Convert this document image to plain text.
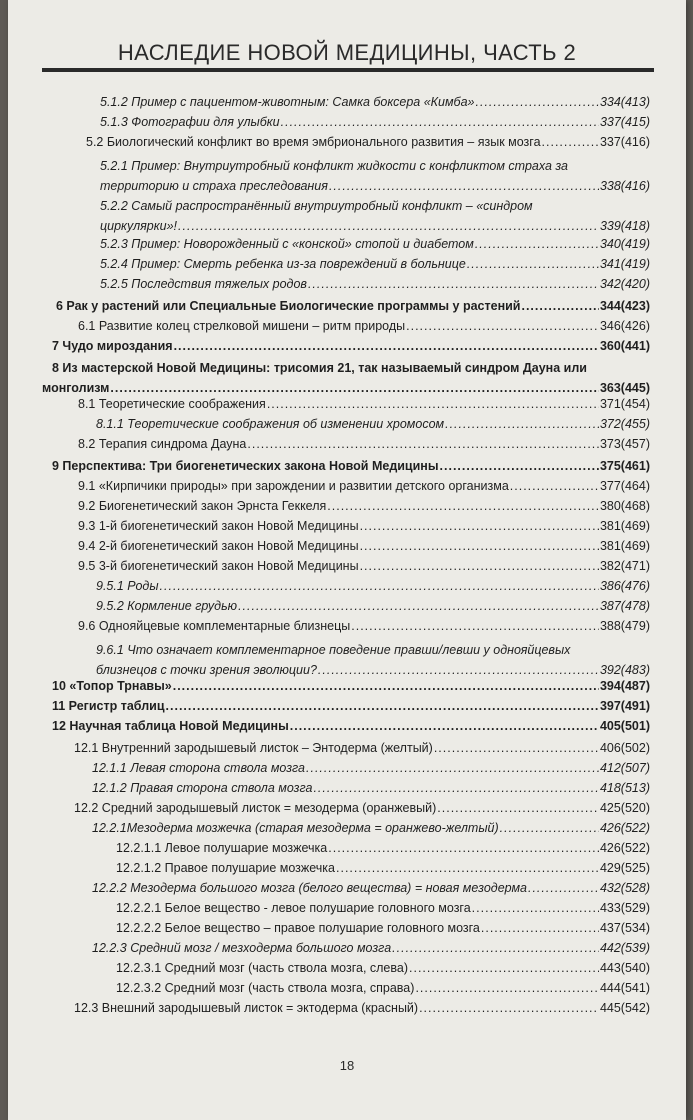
НАСЛЕДИЕ НОВОЙ МЕДИЦИНЫ, ЧАСТЬ 2
5.1.2 Пример с пациентом-животным: Самка боксера «Кимба» .....	334(413)
5.1.3 Фотографии для улыбки .....	337(415)
5.2 Биологический конфликт во время эмбрионального развития – язык мозга .....	337(416)
5.2.1 Пример: Внутриутробный конфликт жидкости с конфликтом страха за
территорию и страха преследования .....	338(416)
5.2.2 Самый распространённый внутриутробный конфликт – «синдром
циркулярки»! .....	339(418)
5.2.3 Пример: Новорожденный с «конской» стопой и диабетом .....	340(419)
5.2.4 Пример: Смерть ребенка из-за повреждений в больнице .....	341(419)
5.2.5 Последствия тяжелых родов .....	342(420)
6 Рак у растений или Специальные Биологические программы у растений .....	344(423)
6.1 Развитие колец стрелковой мишени – ритм природы .....	346(426)
7 Чудо мироздания .....	360(441)
8 Из мастерской Новой Медицины: трисомия 21, так называемый синдром Дауна или
монголизм .....	363(445)
8.1 Теоретические соображения .....	371(454)
8.1.1 Теоретические соображения об изменении хромосом .....	372(455)
8.2 Терапия синдрома Дауна .....	373(457)
9 Перспектива: Три биогенетических закона Новой Медицины .....	375(461)
9.1 «Кирпичики природы» при зарождении и развитии детского организма .....	377(464)
9.2 Биогенетический закон Эрнста Геккеля .....	380(468)
9.3 1-й биогенетический закон Новой Медицины .....	381(469)
9.4 2-й биогенетический закон Новой Медицины .....	381(469)
9.5 3-й биогенетический закон Новой Медицины .....	382(471)
9.5.1 Роды .....	386(476)
9.5.2 Кормление грудью .....	387(478)
9.6 Однояйцевые комплементарные близнецы .....	388(479)
9.6.1 Что означает комплементарное поведение правши/левши у однояйцевых
близнецов с точки зрения эволюции? .....	392(483)
10 «Топор Трнавы» .....	394(487)
11 Регистр таблиц .....	397(491)
12 Научная таблица Новой Медицины .....	405(501)
12.1 Внутренний зародышевый листок – Энтодерма (желтый) .....	406(502)
12.1.1 Левая сторона ствола мозга .....	412(507)
12.1.2 Правая сторона ствола мозга .....	418(513)
12.2 Средний зародышевый листок = мезодерма (оранжевый) .....	425(520)
12.2.1Мезодерма мозжечка (старая мезодерма = оранжево-желтый) .....	426(522)
12.2.1.1 Левое полушарие мозжечка .....	426(522)
12.2.1.2 Правое полушарие мозжечка .....	429(525)
12.2.2 Мезодерма большого мозга (белого вещества) = новая мезодерма .....	432(528)
12.2.2.1 Белое вещество - левое полушарие головного мозга .....	433(529)
12.2.2.2 Белое вещество – правое полушарие головного мозга .....	437(534)
12.2.3 Средний мозг / мезходерма большого мозга .....	442(539)
12.2.3.1 Средний мозг (часть ствола мозга, слева) .....	443(540)
12.2.3.2 Средний мозг (часть ствола мозга, справа) .....	444(541)
12.3 Внешний зародышевый листок = эктодерма (красный) .....	445(542)
18
